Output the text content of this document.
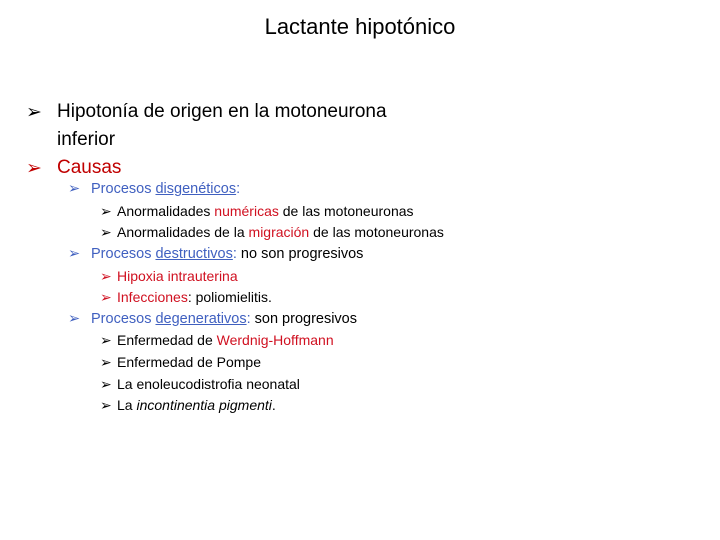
Lactante hipotónico
➢ Hipotonía de origen en la motoneurona
inferior
➢ Causas
➢ Procesos disgenéticos:
➢ Anormalidades numéricas de las motoneuronas
➢ Anormalidades de la migración de las motoneuronas
➢ Procesos destructivos: no son progresivos
➢ Hipoxia intrauterina
➢ Infecciones: poliomielitis.
➢ Procesos degenerativos: son progresivos
➢ Enfermedad de Werdnig-Hoffmann
➢ Enfermedad de Pompe
➢ La enoleucodistrofia neonatal
➢ La incontinentia pigmenti.
